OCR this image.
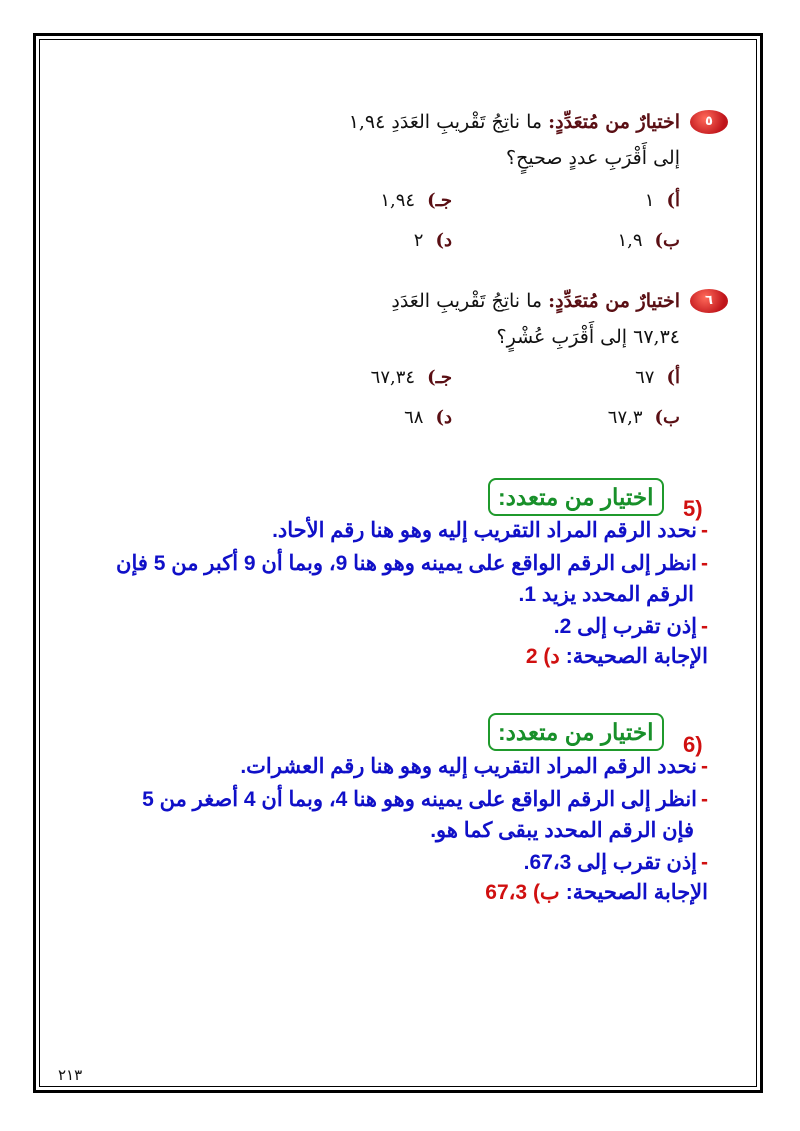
٥
اختيارٌ من مُتعَدِّدٍ: ما ناتِجُ تَقْريبِ العَدَدِ ١,٩٤
إلى أَقْرَبِ عددٍ صحيحٍ؟
أ)١
جـ)١,٩٤
ب)١,٩
د)٢
٦
اختيارٌ من مُتعَدِّدٍ: ما ناتِجُ تَقْريبِ العَدَدِ
٦٧,٣٤ إلى أَقْرَبِ عُشْرٍ؟
أ)٦٧
جـ)٦٧,٣٤
ب)٦٧,٣
د)٦٨
5)
اختيار من متعدد:
-نحدد الرقم المراد التقريب إليه وهو هنا رقم الأحاد.
-انظر إلى الرقم الواقع على يمينه وهو هنا 9، وبما أن 9 أكبر من 5 فإن
الرقم المحدد يزيد 1.
-إذن تقرب إلى 2.
الإجابة الصحيحة:د) 2
6)
اختيار من متعدد:
-نحدد الرقم المراد التقريب إليه وهو هنا رقم العشرات.
-انظر إلى الرقم الواقع على يمينه وهو هنا 4، وبما أن 4 أصغر من 5
فإن الرقم المحدد يبقى كما هو.
-إذن تقرب إلى 67،3.
الإجابة الصحيحة:ب) 67،3
٢١٣
